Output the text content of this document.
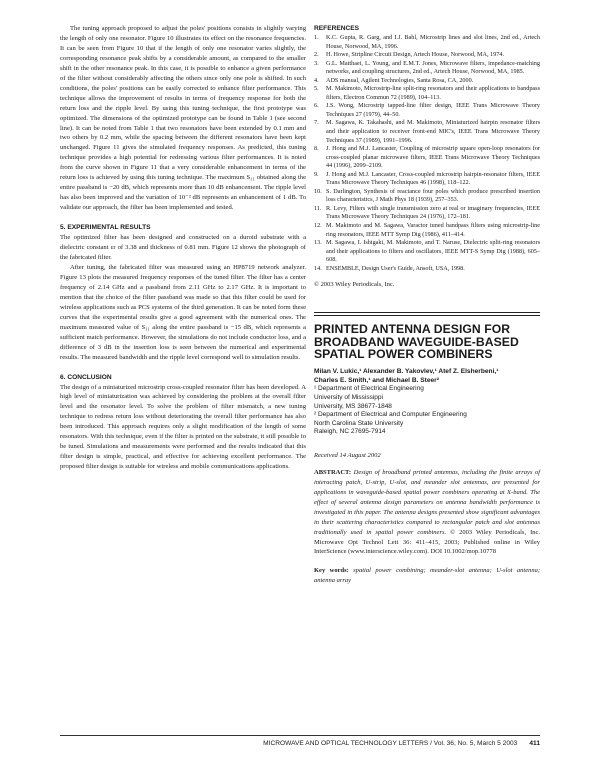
The tuning approach proposed to adjust the poles' positions consists in slightly varying the length of only one resonator. Figure 10 illustrates its effect on the resonance frequencies. It can be seen from Figure 10 that if the length of only one resonator varies slightly, the corresponding resonance peak shifts by a considerable amount, as compared to the smaller shift in the other resonance peak. In this case, it is possible to enhance a given performance of the filter without considerably affecting the others since only one pole is shifted. In such conditions, the poles' positions can be easily corrected to enhance filter performance. This technique allows the improvement of results in terms of frequency response for both the return loss and the ripple level. By using this tuning technique, the first prototype was optimized. The dimensions of the optimized prototype can be found in Table 1 (see second line). It can be noted from Table 1 that two resonators have been extended by 0.1 mm and two others by 0.2 mm, while the spacing between the different resonators have been kept unchanged. Figure 11 gives the simulated frequency responses. As predicted, this tuning technique provides a high potential for redressing various filter performances. It is noted from the curve shown in Figure 11 that a very considerable enhancement in terms of the return loss is achieved by using this tuning technique. The maximum S₁₁ obtained along the entire passband is −20 dB, which represents more than 10 dB enhancement. The ripple level has also been improved and the variation of 10⁻² dB represents an enhancement of 1 dB. To validate our approach, the filter has been implemented and tested.

5. EXPERIMENTAL RESULTS

The optimized filter has been designed and constructed on a duroid substrate with a dielectric constant εr of 3.38 and thickness of 0.81 mm. Figure 12 shows the photograph of the fabricated filter.

After tuning, the fabricated filter was measured using an HP8719 network analyzer. Figure 13 plots the measured frequency responses of the tuned filter. The filter has a center frequency of 2.14 GHz and a passband from 2.11 GHz to 2.17 GHz. It is important to mention that the choice of the filter passband was made so that this filter could be used for wireless applications such as PCS systems of the third generation. It can be noted form these curves that the experimental results give a good agreement with the numerical ones. The maximum measured value of S₁₁ along the entire passband is −15 dB, which represents a sufficient match performance. However, the simulations do not include conductor loss, and a difference of 3 dB in the insertion loss is seen between the numerical and experimental results. The measured bandwidth and the ripple level correspond well to simulation results.

6. CONCLUSION

The design of a miniaturized microstrip cross-coupled resonator filter has been developed. A high level of miniaturization was achieved by considering the problem at the overall filter level and the resonator level. To solve the problem of filter mismatch, a new tuning technique to redress return loss without deteriorating the overall filter performance has also been introduced. This approach requires only a slight modification of the length of some resonators. With this technique, even if the filter is printed on the substrate, it still possible to be tuned. Simulations and measurements were performed and the results indicated that this filter design is simple, practical, and effective for achieving excellent performance. The proposed filter design is suitable for wireless and mobile communications applications.

REFERENCES
1. K.C. Gupta, R. Garg, and I.J. Bahl, Microstrip lines and slot lines, 2nd ed., Artech House, Norwood, MA, 1996.
2. H. Howe, Stripline Circuit Design, Artech House, Norwood, MA, 1974.
3. G.L. Matthaei, L. Young, and E.M.T. Jones, Microwave filters, impedance-matching networks, and coupling structures, 2nd ed., Artech House, Norwood, MA, 1985.
4. ADS manual, Agilent Technologies, Santa Rosa, CA, 2000.
5. M. Makimoto, Microstrip-line split-ring resonators and their applications to bandpass filters, Electron Commun 72 (1989), 104–113.
6. J.S. Wong, Microstrip tapped-line filter design, IEEE Trans Microwave Theory Techniques 27 (1979), 44–50.
7. M. Sagawa, K. Takahashi, and M. Makimoto, Miniaturized hairpin resonator filters and their application to receiver front-end MIC's, IEEE Trans Microwave Theory Techniques 37 (1989), 1991–1996.
8. J. Hong and M.J. Lancaster, Coupling of microstrip square open-loop resonators for cross-coupled planar microwave filters, IEEE Trans Microwave Theory Techniques 44 (1996), 2099–2109.
9. J. Hong and M.J. Lancaster, Cross-coupled microstrip hairpin-resonator filters, IEEE Trans Microwave Theory Techniques 46 (1998), 118–122.
10. S. Darlington, Synthesis of reactance four poles which produce prescribed insertion loss characteristics, J Math Phys 18 (1939), 257–353.
11. R. Levy, Filters with single transmission zero at real or imaginary frequencies, IEEE Trans Microwave Theory Techniques 24 (1976), 172–181.
12. M. Makimoto and M. Sagawa, Varactor tuned bandpass filters using microstrip-line ring resonators, IEEE MTT Symp Dig (1986), 411–414.
13. M. Sagawa, I. Ishigaki, M. Makimoto, and T. Naruse, Dielectric split-ring resonators and their applications to filters and oscillators, IEEE MTT-S Symp Dig (1988), 605–608.
14. ENSEMBLE, Design User's Guide, Ansoft, USA, 1998.

© 2003 Wiley Periodicals, Inc.

PRINTED ANTENNA DESIGN FOR BROADBAND WAVEGUIDE-BASED SPATIAL POWER COMBINERS
Milan V. Lukic,¹ Alexander B. Yakovlev,¹ Atef Z. Elsherbeni,¹
Charles E. Smith,¹ and Michael B. Steer²
¹ Department of Electrical Engineering
University of Mississippi
University, MS 38677-1848
² Department of Electrical and Computer Engineering
North Carolina State University
Raleigh, NC 27695-7914

Received 14 August 2002

ABSTRACT: Design of broadband printed antennas, including the finite arrays of interacting patch, U-strip, U-slot, and meander slot antennas, are presented for applications in waveguide-based spatial power combiners operating at X-band. The effect of several antenna design parameters on antenna bandwidth performance is investigated in this paper. The antenna designs presented show significant advantages in their scattering characteristics compared to rectangular patch and slot antennas traditionally used in spatial power combiners. © 2003 Wiley Periodicals, Inc. Microwave Opt Technol Lett 36: 411–415, 2003; Published online in Wiley InterScience (www.interscience.wiley.com). DOI 10.1002/mop.10778

Key words: spatial power combining; meander-slot antenna; U-slot antenna; antenna array

MICROWAVE AND OPTICAL TECHNOLOGY LETTERS / Vol. 36, No. 5, March 5 2003 411
